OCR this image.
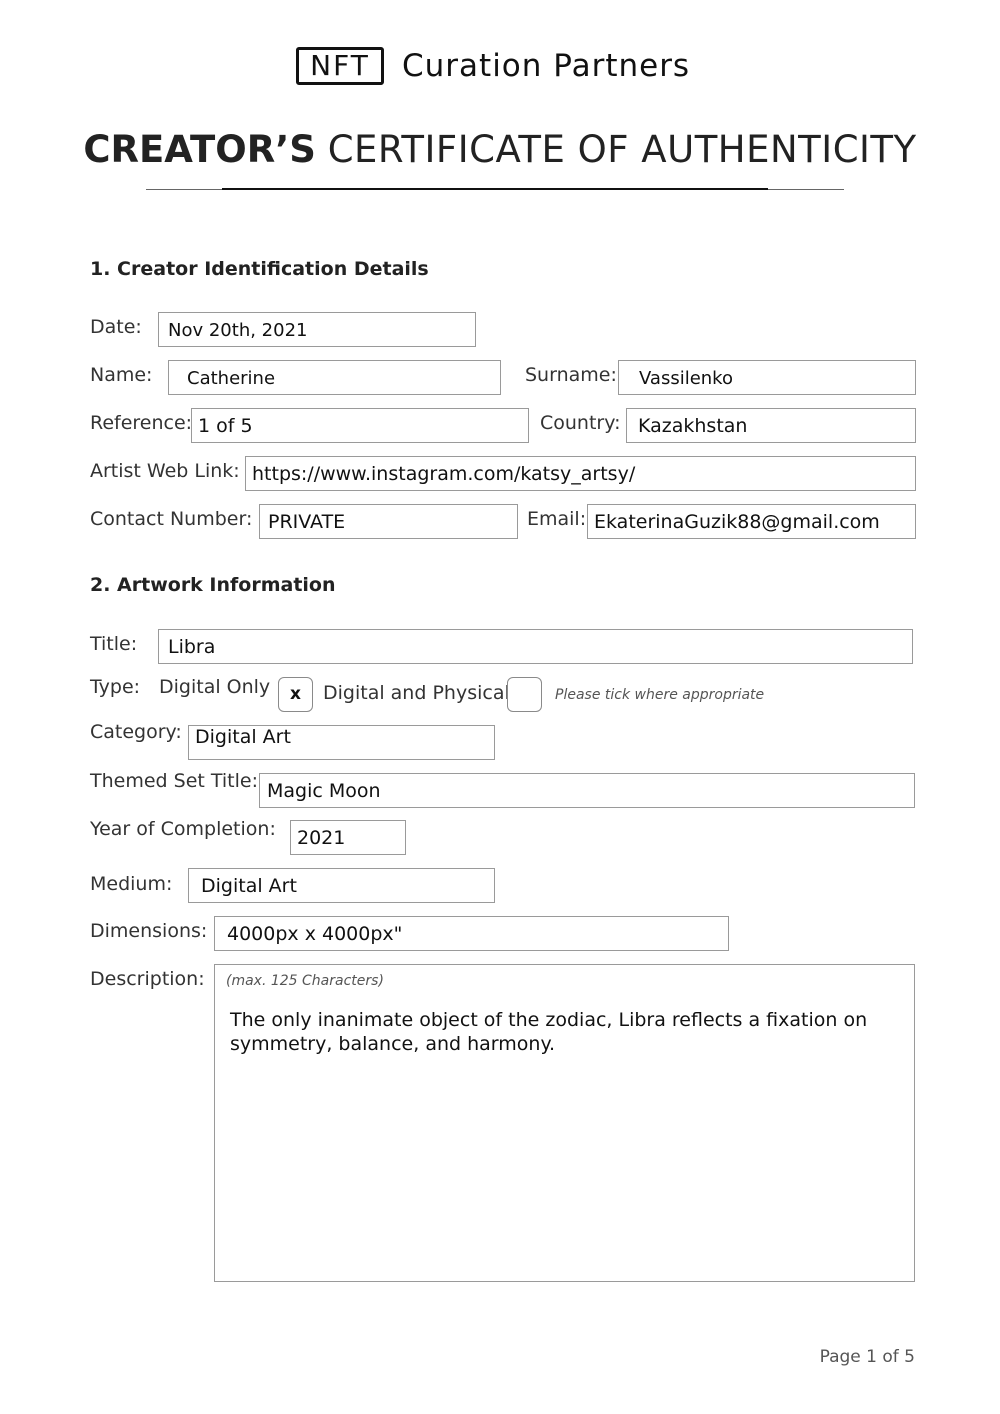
NFT	Curation Partners
CREATOR’S CERTIFICATE OF AUTHENTICITY
1. Creator Identification Details
Date:	Nov 20th, 2021
Name:	Catherine	Surname:	Vassilenko
Reference: 1 of 5	Country: Kazakhstan
Artist Web Link: https://www.instagram.com/katsy_artsy/
Contact Number: PRIVATE	Email: EkaterinaGuzik88@gmail.com
2. Artwork Information
Title:	Libra
Type: Digital Only	x	Digital and Physical	Please tick where appropriate
Category: Digital Art
Themed Set Title: Magic Moon
Year of Completion:	2021
Medium:	Digital Art
Dimensions:	4000px x 4000px"
Description: (max. 125 Characters)
The only inanimate object of the zodiac, Libra reflects a fixation on symmetry, balance, and harmony.
Page 1 of 5
